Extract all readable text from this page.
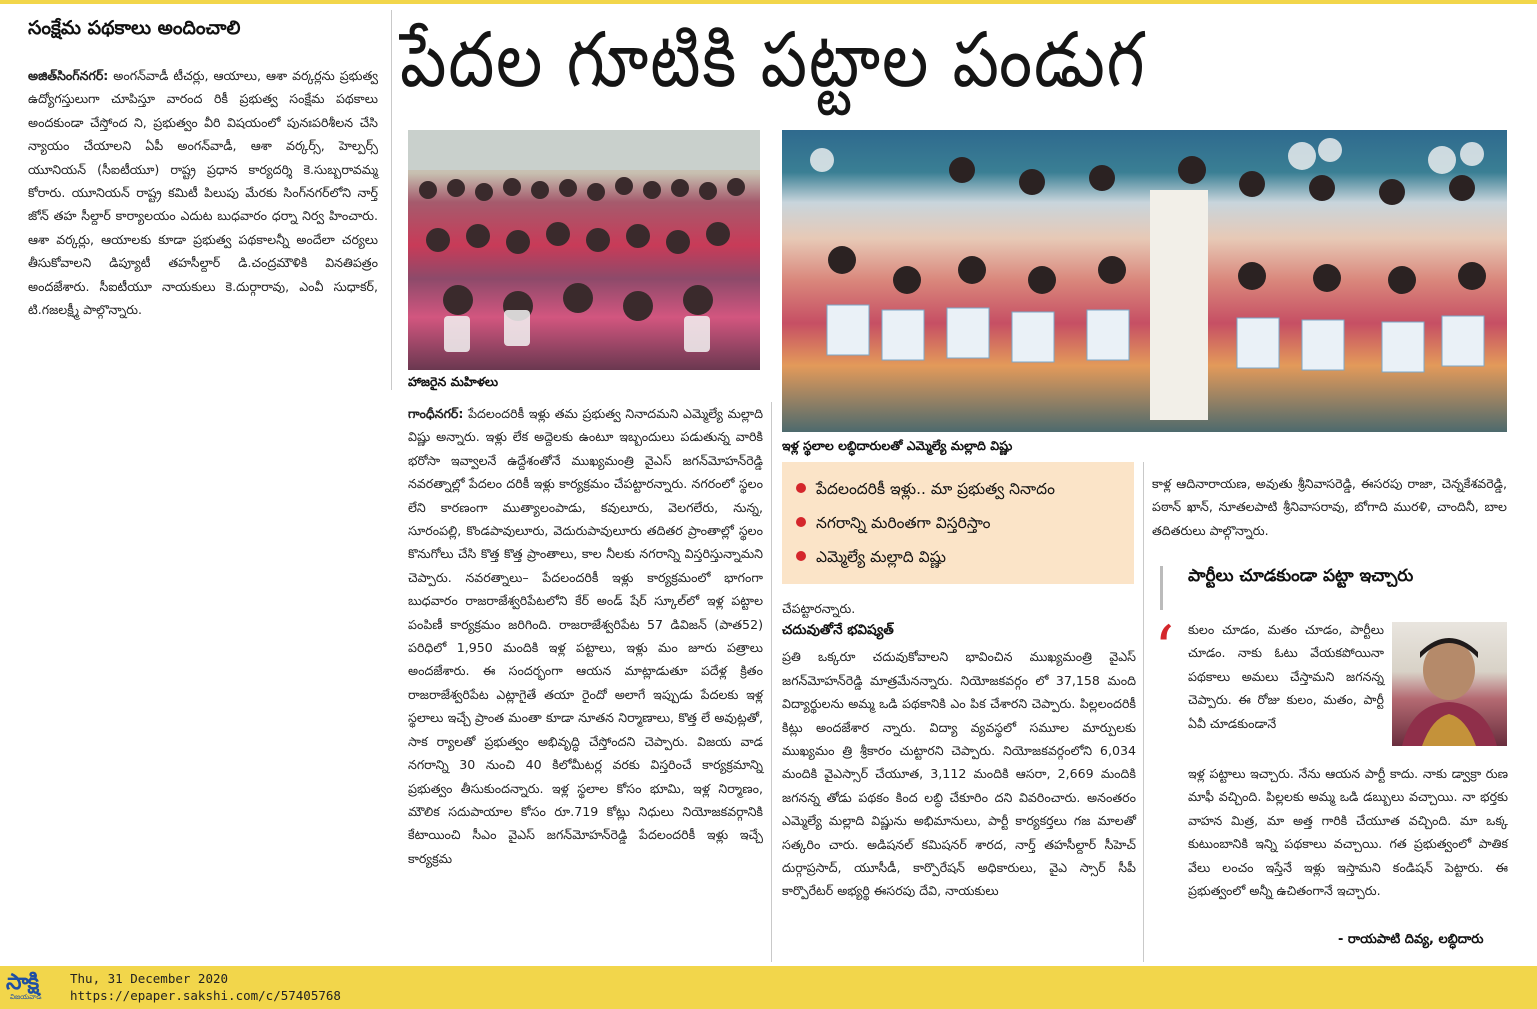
సంక్షేమ పథకాలు అందించాలి

అజిత్‌సింగ్‌నగర్‌: అంగన్‌వాడీ టీచర్లు, ఆయాలు, ఆశా వర్కర్లను ప్రభుత్వ ఉద్యోగస్తులుగా చూపిస్తూ వారంద రికీ ప్రభుత్వ సంక్షేమ పథకాలు అందకుండా చేస్తోంద ని, ప్రభుత్వం వీరి విషయంలో పునఃపరిశీలన చేసి న్యాయం చేయాలని ఏపీ అంగన్‌వాడీ, ఆశా వర్కర్స్‌, హెల్పర్స్‌ యూనియన్‌ (సీఐటీయూ) రాష్ట్ర ప్రధాన కార్యదర్శి కె.సుబ్బరావమ్మ కోరారు. యూనియన్‌ రాష్ట్ర కమిటీ పిలుపు మేరకు సింగ్‌నగర్‌లోని నార్త్‌ జోన్‌ తహ సీల్దార్‌ కార్యాలయం ఎదుట బుధవారం ధర్నా నిర్వ హించారు. ఆశా వర్కర్లు, ఆయాలకు కూడా ప్రభుత్వ పథకాలన్నీ అందేలా చర్యలు తీసుకోవాలని డిప్యూటీ తహసీల్దార్‌ డి.చంద్రమౌళికి వినతిపత్రం అందజేశారు. సీఐటీయూ నాయకులు కె.దుర్గారావు, ఎంవీ సుధాకర్‌, టి.గజలక్ష్మీ పాల్గొన్నారు.

పేదల గూటికి పట్టాల పండుగ
హాజరైన మహిళలు
ఇళ్ల స్థలాల లబ్ధిదారులతో ఎమ్మెల్యే మల్లాది విష్ణు
పేదలందరికీ ఇళ్లు.. మా ప్రభుత్వ నినాదం
నగరాన్ని మరింతగా విస్తరిస్తాం
ఎమ్మెల్యే మల్లాది విష్ణు

గాంధీనగర్‌: పేదలందరికీ ఇళ్లు తమ ప్రభుత్వ నినాదమని ఎమ్మెల్యే మల్లాది విష్ణు అన్నారు. ఇళ్లు లేక అద్దెలకు ఉంటూ ఇబ్బందులు పడుతున్న వారికి భరోసా ఇవ్వాలనే ఉద్దేశంతోనే ముఖ్యమంత్రి వైఎస్‌ జగన్‌మోహన్‌రెడ్డి నవరత్నాల్లో పేదలం దరికీ ఇళ్లు కార్యక్రమం చేపట్టారన్నారు. నగరంలో స్థలం లేని కారణంగా ముత్యాలంపాడు, కవులూరు, వెలగలేరు, నున్న, సూరంపల్లి, కొండపావులూరు, వెదురుపావులూరు తదితర ప్రాంతాల్లో స్థలం కొనుగోలు చేసి కొత్త కొత్త ప్రాంతాలు, కాల నీలకు నగరాన్ని విస్తరిస్తున్నామని చెప్పారు. నవరత్నాలు– పేదలందరికీ ఇళ్లు కార్యక్రమంలో భాగంగా బుధవారం రాజరాజేశ్వరిపేటలోని కేర్‌ అండ్‌ షేర్‌ స్కూల్‌లో ఇళ్ల పట్టాల పంపిణీ కార్యక్రమం జరిగింది. రాజరాజేశ్వరిపేట 57 డివిజన్‌ (పాత52) పరిధిలో 1,950 మందికి ఇళ్ల పట్టాలు, ఇళ్లు మం జూరు పత్రాలు అందజేశారు. ఈ సందర్భంగా ఆయన మాట్లాడుతూ పదేళ్ల క్రితం రాజరాజేశ్వరిపేట ఎట్లాగైతే తయా రైందో అలాగే ఇప్పుడు పేదలకు ఇళ్ల స్థలాలు ఇచ్చే ప్రాంత మంతా కూడా నూతన నిర్మాణాలు, కొత్త లే అవుట్లతో, సాక ర్యాలతో ప్రభుత్వం అభివృద్ధి చేస్తోందని చెప్పారు. విజయ వాడ నగరాన్ని 30 నుంచి 40 కిలోమీటర్ల వరకు విస్తరించే కార్యక్రమాన్ని ప్రభుత్వం తీసుకుందన్నారు. ఇళ్ల స్థలాల కోసం భూమి, ఇళ్ల నిర్మాణం, మౌలిక సదుపాయాల కోసం రూ.719 కోట్లు నిధులు నియోజకవర్గానికి కేటాయించి సీఎం వైఎస్‌ జగన్‌మోహన్‌రెడ్డి పేదలందరికీ ఇళ్లు ఇచ్చే కార్యక్రమ

చేపట్టారన్నారు.

చదువుతోనే భవిష్యత్‌

ప్రతి ఒక్కరూ చదువుకోవాలని భావించిన ముఖ్యమంత్రి వైఎస్‌ జగన్‌మోహన్‌రెడ్డి మాత్రమేనన్నారు. నియోజకవర్గం లో 37,158 మంది విద్యార్థులను అమ్మ ఒడి పథకానికి ఎం పిక చేశారని చెప్పారు. పిల్లలందరికీ కిట్లు అందజేశార న్నారు. విద్యా వ్యవస్థలో సమూల మార్పులకు ముఖ్యమం త్రి శ్రీకారం చుట్టారని చెప్పారు. నియోజకవర్గంలోని 6,034 మందికి వైఎస్సార్‌ చేయూత, 3,112 మందికి ఆసరా, 2,669 మందికి జగనన్న తోడు పథకం కింద లబ్ధి చేకూరిం దని వివరించారు. అనంతరం ఎమ్మెల్యే మల్లాది విష్ణును అభిమానులు, పార్టీ కార్యకర్తలు గజ మాలతో సత్కరిం చారు. అడిషనల్‌ కమిషనర్‌ శారద, నార్త్‌ తహసీల్దార్‌ సీహెచ్‌ దుర్గాప్రసాద్‌, యూసీడీ, కార్పొరేషన్‌ అధికారులు, వైఎ స్సార్‌ సీపీ కార్పొరేటర్‌ అభ్యర్థి ఈసరపు దేవి, నాయకులు

కాళ్ల ఆదినారాయణ, అవుతు శ్రీనివాసరెడ్డి, ఈసరపు రాజా, చెన్నకేశవరెడ్డి, పఠాన్‌ ఖాన్‌, నూతలపాటి శ్రీనివాసరావు, బోగాది మురళి, చాందినీ, బాల తదితరులు పాల్గొన్నారు.

పార్టీలు చూడకుండా పట్టా ఇచ్చారు
‘ కులం చూడం, మతం చూడం, పార్టీలు చూడం. నాకు ఓటు వేయకపోయినా పథకాలు అమలు చేస్తామని జగనన్న చెప్పారు. ఈ రోజు కులం, మతం, పార్టీ ఏవీ చూడకుండానే

ఇళ్ల పట్టాలు ఇచ్చారు. నేను ఆయన పార్టీ కాదు. నాకు డ్వాక్రా రుణ మాఫీ వచ్చింది. పిల్లలకు అమ్మ ఒడి డబ్బులు వచ్చాయి. నా భర్తకు వాహన మిత్ర, మా అత్త గారికి చేయూత వచ్చింది. మా ఒక్క కుటుంబానికి ఇన్ని పథకాలు వచ్చాయి. గత ప్రభుత్వంలో పాతిక వేలు లంచం ఇస్తేనే ఇళ్లు ఇస్తామని కండిషన్‌ పెట్టారు. ఈ ప్రభుత్వంలో అన్నీ ఉచితంగానే ఇచ్చారు.

- రాయపాటి దివ్య, లబ్ధిదారు
సాక్షి
విజయవాడ
Thu, 31 December 2020
https://epaper.sakshi.com/c/57405768
